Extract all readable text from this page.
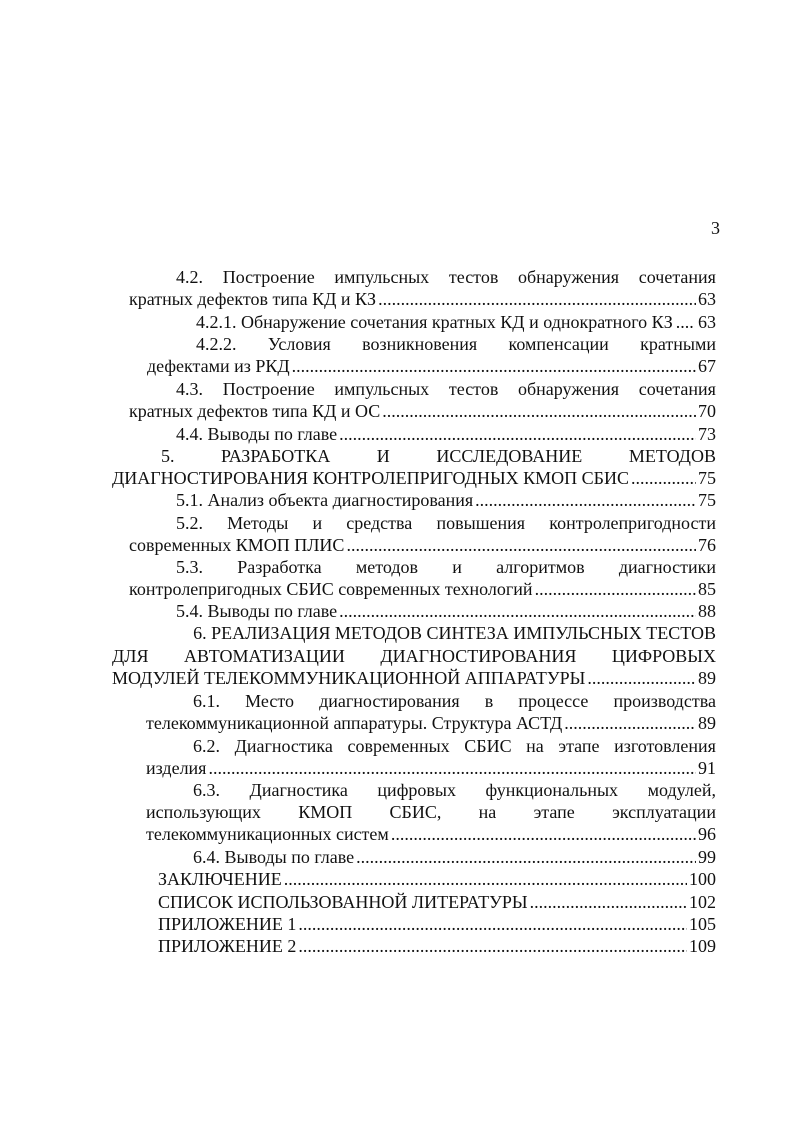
3
4.2. Построение импульсных тестов обнаружения сочетания
кратных дефектов типа КД и КЗ .....	63
4.2.1. Обнаружение сочетания кратных КД и однократного КЗ ..... 63
4.2.2. Условия возникновения компенсации кратными
дефектами из РКД .....	67
4.3. Построение импульсных тестов обнаружения сочетания
кратных дефектов типа КД и ОС .....	70
4.4. Выводы по главе .....	73
5.	РАЗРАБОТКА	И	ИССЛЕДОВАНИЕ	МЕТОДОВ
ДИАГНОСТИРОВАНИЯ КОНТРОЛЕПРИГОДНЫХ КМОП СБИС .....	75
5.1. Анализ объекта диагностирования .....	75
5.2. Методы и средства повышения контролепригодности
современных КМОП ПЛИС .....	76
5.3. Разработка методов и алгоритмов диагностики
контролепригодных СБИС современных технологий .....	85
5.4. Выводы по главе .....	88
6. РЕАЛИЗАЦИЯ МЕТОДОВ СИНТЕЗА ИМПУЛЬСНЫХ ТЕСТОВ
ДЛЯ АВТОМАТИЗАЦИИ ДИАГНОСТИРОВАНИЯ ЦИФРОВЫХ
МОДУЛЕЙ ТЕЛЕКОММУНИКАЦИОННОЙ АППАРАТУРЫ .....	89
6.1. Место диагностирования в процессе производства
телекоммуникационной аппаратуры. Структура АСТД .....	89
6.2. Диагностика современных СБИС на этапе изготовления
изделия .....	91
6.3. Диагностика цифровых функциональных модулей,
использующих КМОП СБИС, на этапе эксплуатации
телекоммуникационных систем .....	96
6.4. Выводы по главе .....	99
ЗАКЛЮЧЕНИЕ .....	100
СПИСОК ИСПОЛЬЗОВАННОЙ ЛИТЕРАТУРЫ .....	102
ПРИЛОЖЕНИЕ 1 .....	105
ПРИЛОЖЕНИЕ 2 .....	109
